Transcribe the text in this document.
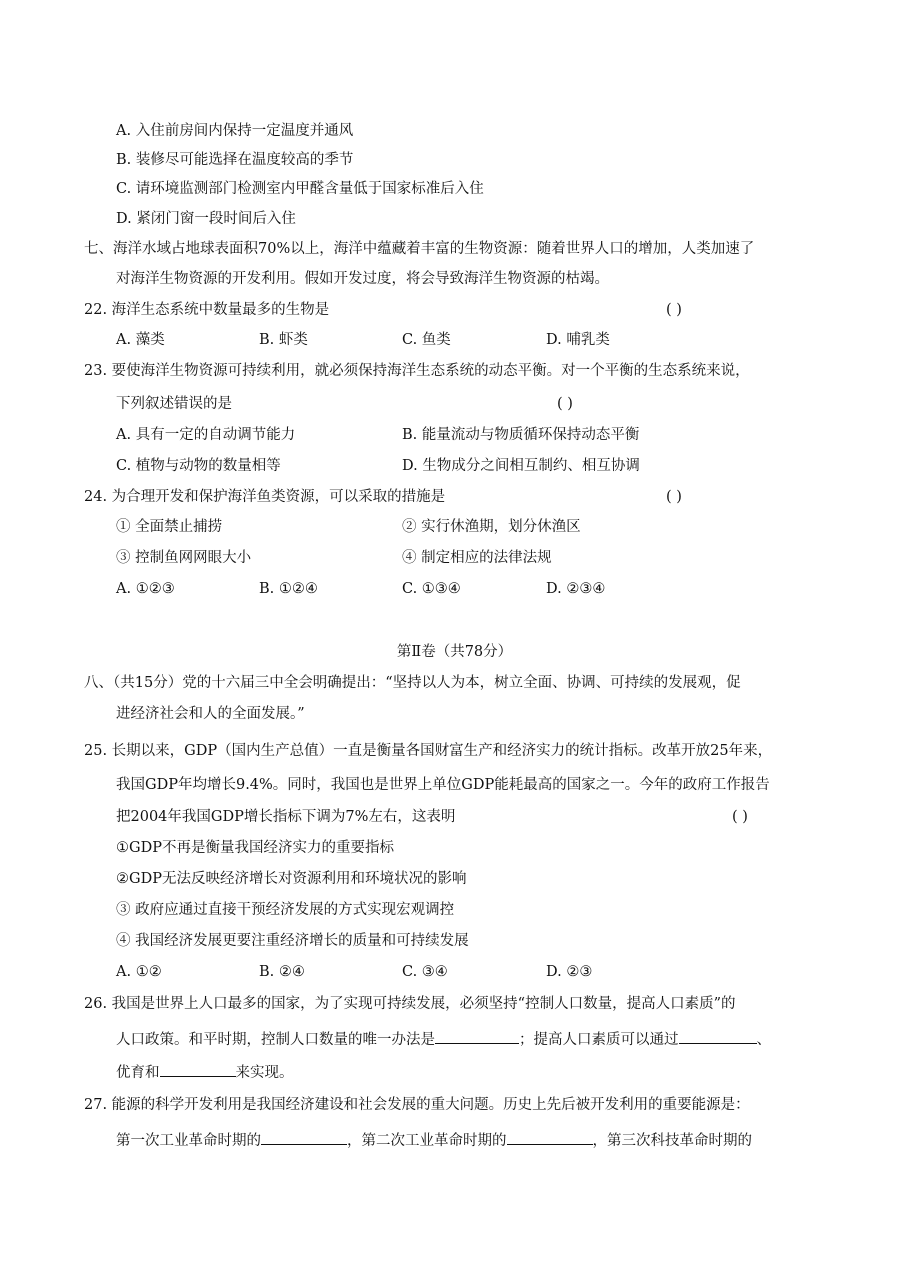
A. 入住前房间内保持一定温度并通风
B. 装修尽可能选择在温度较高的季节
C. 请环境监测部门检测室内甲醛含量低于国家标准后入住
D. 紧闭门窗一段时间后入住
七、海洋水域占地球表面积70%以上，海洋中蕴藏着丰富的生物资源：随着世界人口的增加，人类加速了
对海洋生物资源的开发利用。假如开发过度，将会导致海洋生物资源的枯竭。
22. 海洋生态系统中数量最多的生物是	( )
A. 藻类	B. 虾类	C. 鱼类	D. 哺乳类
23. 要使海洋生物资源可持续利用，就必须保持海洋生态系统的动态平衡。对一个平衡的生态系统来说，
下列叙述错误的是	( )
A. 具有一定的自动调节能力	B. 能量流动与物质循环保持动态平衡
C. 植物与动物的数量相等	D. 生物成分之间相互制约、相互协调
24. 为合理开发和保护海洋鱼类资源，可以采取的措施是	( )
① 全面禁止捕捞	② 实行休渔期，划分休渔区
③ 控制鱼网网眼大小	④ 制定相应的法律法规
A. ①②③	B. ①②④	C. ①③④	D. ②③④
第Ⅱ卷（共78分）
八、（共15分）党的十六届三中全会明确提出：“坚持以人为本，树立全面、协调、可持续的发展观，促
进经济社会和人的全面发展。”
25. 长期以来，GDP（国内生产总值）一直是衡量各国财富生产和经济实力的统计指标。改革开放25年来，
我国GDP年均增长9.4%。同时，我国也是世界上单位GDP能耗最高的国家之一。今年的政府工作报告
把2004年我国GDP增长指标下调为7%左右，这表明	( )
①GDP不再是衡量我国经济实力的重要指标
②GDP无法反映经济增长对资源利用和环境状况的影响
③ 政府应通过直接干预经济发展的方式实现宏观调控
④ 我国经济发展更要注重经济增长的质量和可持续发展
A. ①②	B. ②④	C. ③④	D. ②③
26. 我国是世界上人口最多的国家，为了实现可持续发展，必须坚持“控制人口数量，提高人口素质”的
人口政策。和平时期，控制人口数量的唯一办法是	；提高人口素质可以通过	、
优育和	来实现。
27. 能源的科学开发利用是我国经济建设和社会发展的重大问题。历史上先后被开发利用的重要能源是：
第一次工业革命时期的	，第二次工业革命时期的	，第三次科技革命时期的
